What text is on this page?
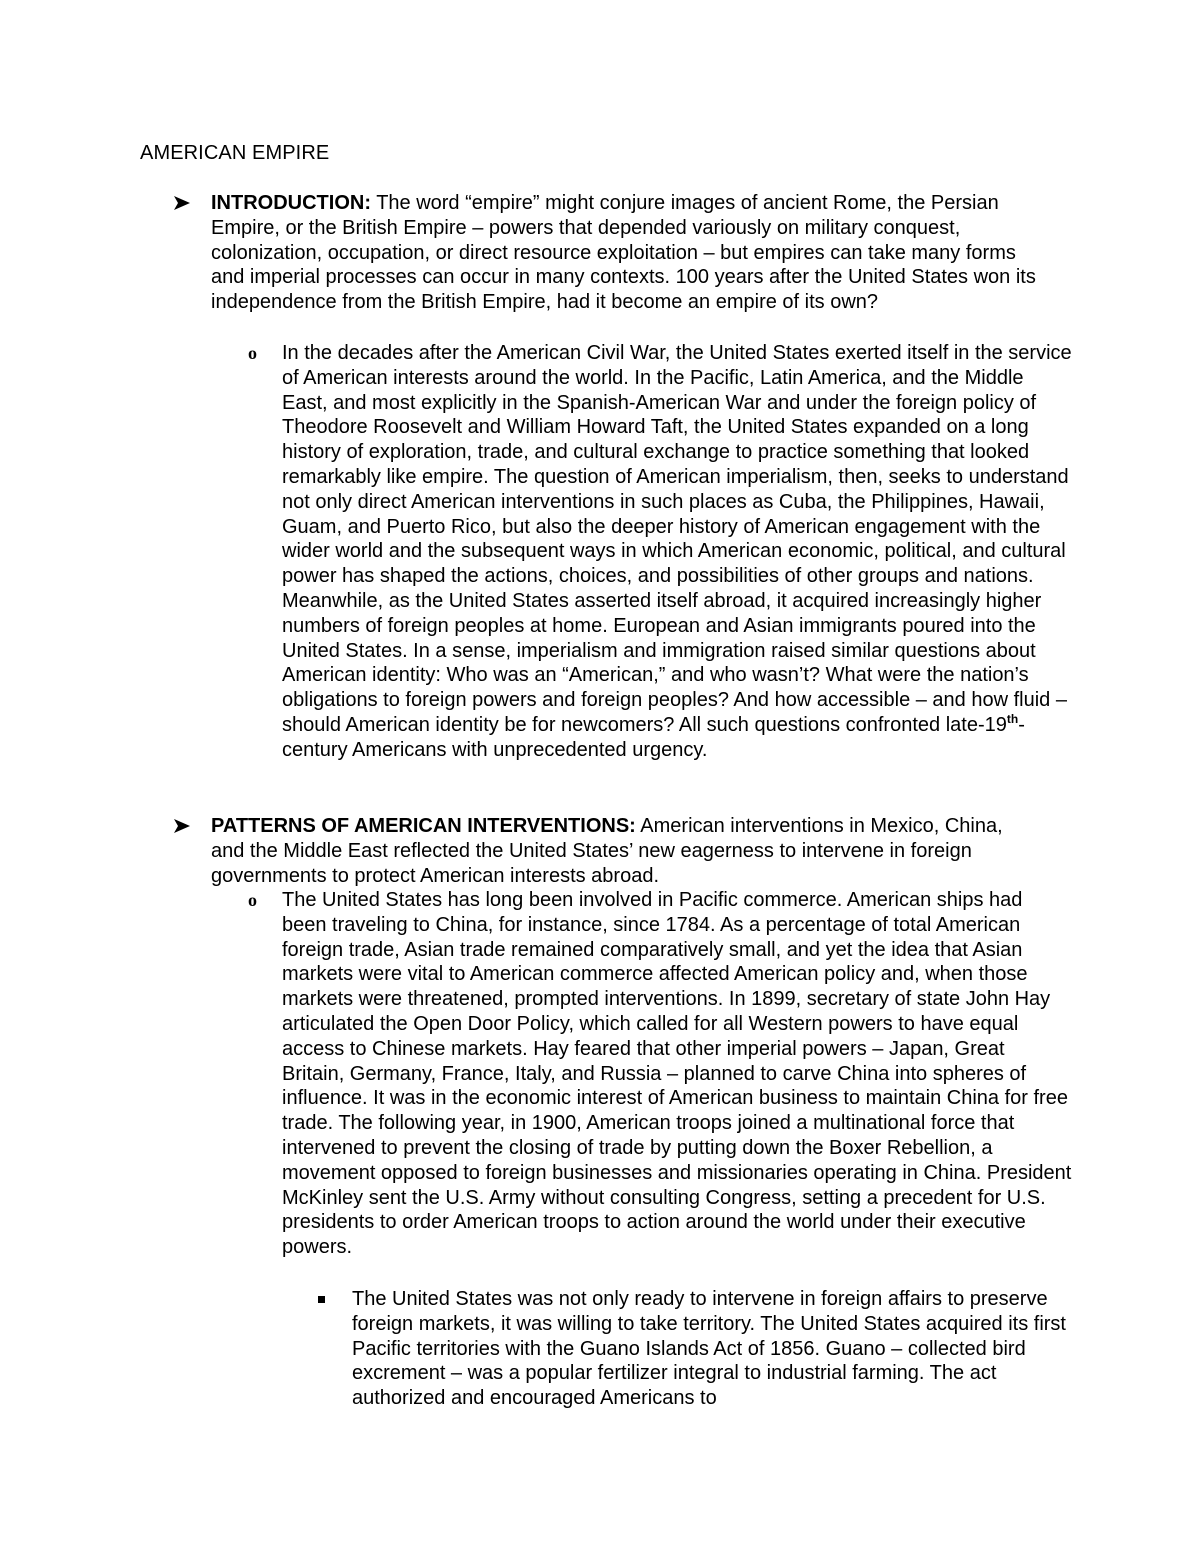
AMERICAN EMPIRE
INTRODUCTION: The word “empire” might conjure images of ancient Rome, the Persian Empire, or the British Empire – powers that depended variously on military conquest, colonization, occupation, or direct resource exploitation – but empires can take many forms and imperial processes can occur in many contexts. 100 years after the United States won its independence from the British Empire, had it become an empire of its own?
o In the decades after the American Civil War, the United States exerted itself in the service of American interests around the world. In the Pacific, Latin America, and the Middle East, and most explicitly in the Spanish-American War and under the foreign policy of Theodore Roosevelt and William Howard Taft, the United States expanded on a long history of exploration, trade, and cultural exchange to practice something that looked remarkably like empire. The question of American imperialism, then, seeks to understand not only direct American interventions in such places as Cuba, the Philippines, Hawaii, Guam, and Puerto Rico, but also the deeper history of American engagement with the wider world and the subsequent ways in which American economic, political, and cultural power has shaped the actions, choices, and possibilities of other groups and nations. Meanwhile, as the United States asserted itself abroad, it acquired increasingly higher numbers of foreign peoples at home. European and Asian immigrants poured into the United States. In a sense, imperialism and immigration raised similar questions about American identity: Who was an “American,” and who wasn’t? What were the nation’s obligations to foreign powers and foreign peoples? And how accessible – and how fluid – should American identity be for newcomers? All such questions confronted late-19th-century Americans with unprecedented urgency.
PATTERNS OF AMERICAN INTERVENTIONS: American interventions in Mexico, China, and the Middle East reflected the United States’ new eagerness to intervene in foreign governments to protect American interests abroad.
o The United States has long been involved in Pacific commerce. American ships had been traveling to China, for instance, since 1784. As a percentage of total American foreign trade, Asian trade remained comparatively small, and yet the idea that Asian markets were vital to American commerce affected American policy and, when those markets were threatened, prompted interventions. In 1899, secretary of state John Hay articulated the Open Door Policy, which called for all Western powers to have equal access to Chinese markets. Hay feared that other imperial powers – Japan, Great Britain, Germany, France, Italy, and Russia – planned to carve China into spheres of influence. It was in the economic interest of American business to maintain China for free trade. The following year, in 1900, American troops joined a multinational force that intervened to prevent the closing of trade by putting down the Boxer Rebellion, a movement opposed to foreign businesses and missionaries operating in China. President McKinley sent the U.S. Army without consulting Congress, setting a precedent for U.S. presidents to order American troops to action around the world under their executive powers.
The United States was not only ready to intervene in foreign affairs to preserve foreign markets, it was willing to take territory. The United States acquired its first Pacific territories with the Guano Islands Act of 1856. Guano – collected bird excrement – was a popular fertilizer integral to industrial farming. The act authorized and encouraged Americans to
